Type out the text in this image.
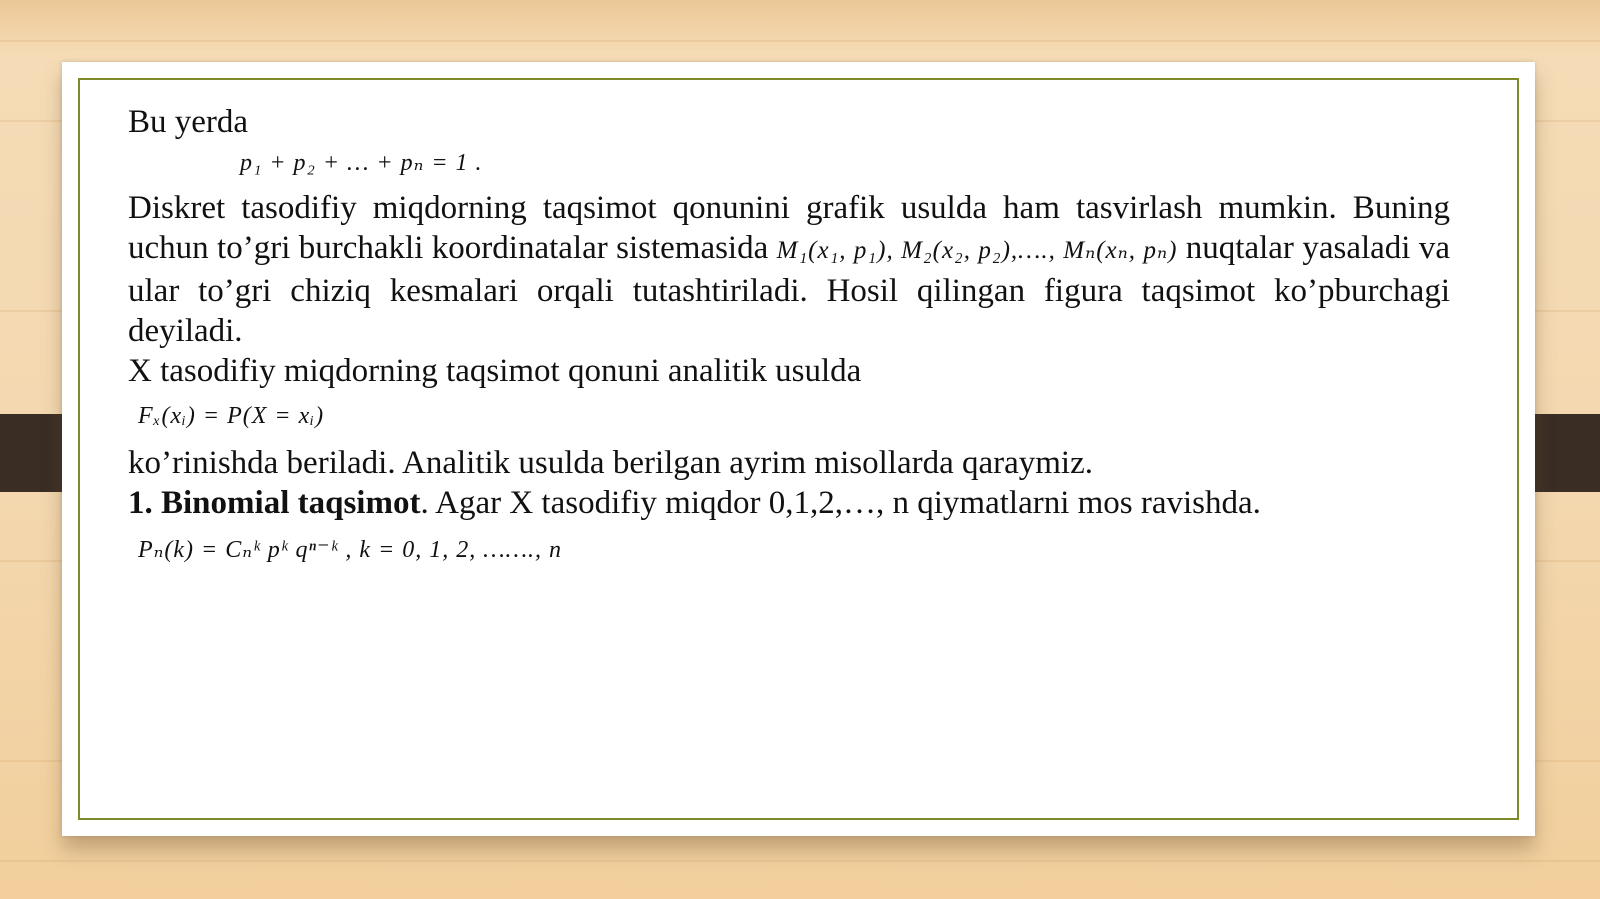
Bu yerda

p₁ + p₂ + … + pₙ = 1 .

Diskret tasodifiy miqdorning taqsimot qonunini grafik usulda ham tasvirlash mumkin. Buning uchun to’gri burchakli koordinatalar sistemasida M₁(x₁, p₁), M₂(x₂, p₂),…., Mₙ(xₙ, pₙ) nuqtalar yasaladi va ular to’gri chiziq kesmalari orqali tutashtiriladi. Hosil qilingan figura taqsimot ko’pburchagi deyiladi.

X tasodifiy miqdorning taqsimot qonuni analitik usulda

Fₓ(xᵢ) = P(X = xᵢ)

ko’rinishda beriladi. Analitik usulda berilgan ayrim misollarda qaraymiz.

1. Binomial taqsimot. Agar X tasodifiy miqdor 0,1,2,…, n qiymatlarni mos ravishda.

Pₙ(k) = Cₙᵏ pᵏ qⁿ⁻ᵏ , k = 0, 1, 2, ……., n
